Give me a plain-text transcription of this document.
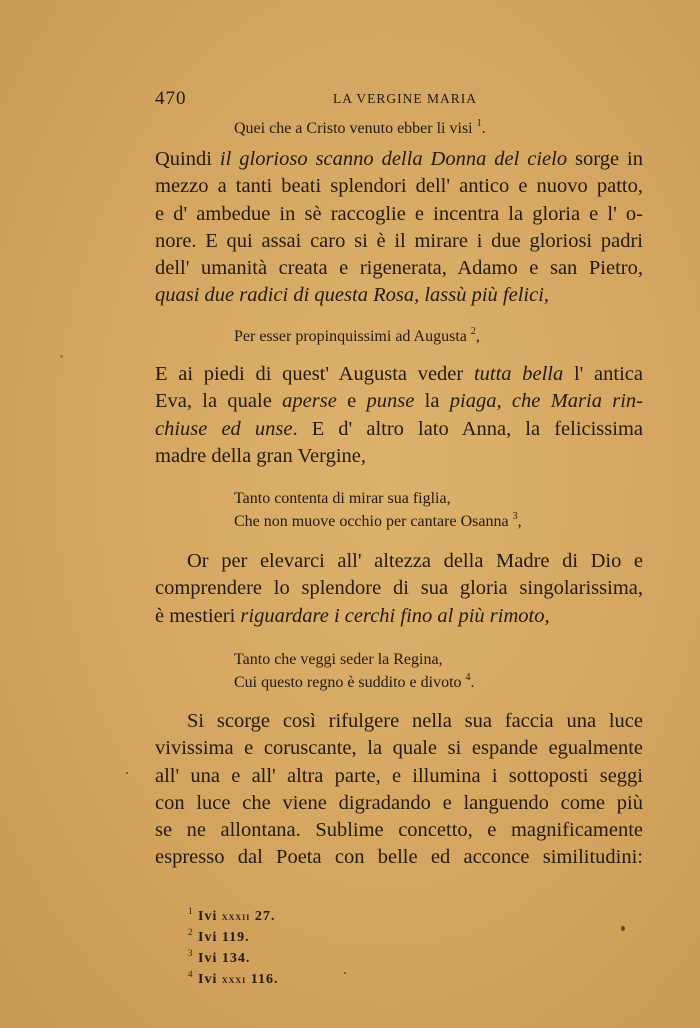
470	LA VERGINE MARIA
Quei che a Cristo venuto ebber li visi $^1$.
Quindi il glorioso scanno della Donna del cielo sorge in
mezzo a tanti beati splendori dell' antico e nuovo patto,
e d' ambedue in sè raccoglie e incentra la gloria e l' o-
nore. E qui assai caro si è il mirare i due gloriosi padri
dell' umanità creata e rigenerata, Adamo e san Pietro,
quasi due radici di questa Rosa, lassù più felici,
Per esser propinquissimi ad Augusta $^2$,
E ai piedi di quest' Augusta veder tutta bella l' antica
Eva, la quale aperse e punse la piaga, che Maria rin-
chiuse ed unse. E d' altro lato Anna, la felicissima
madre della gran Vergine,
Tanto contenta di mirar sua figlia,
Che non muove occhio per cantare Osanna $^3$,
Or per elevarci all' altezza della Madre di Dio e
comprendere lo splendore di sua gloria singolarissima,
è mestieri riguardare i cerchi fino al più rimoto,
Tanto che veggi seder la Regina,
Cui questo regno è suddito e divoto $^4$.
Si scorge così rifulgere nella sua faccia una luce
vivissima e coruscante, la quale si espande egualmente
all' una e all' altra parte, e illumina i sottoposti seggi
con luce che viene digradando e languendo come più
se ne allontana. Sublime concetto, e magnificamente
espresso dal Poeta con belle ed acconce similitudini:
$^1$ Ivi xxxii 27.
$^2$ Ivi 119.
$^3$ Ivi 134.
$^4$ Ivi xxxi 116.
